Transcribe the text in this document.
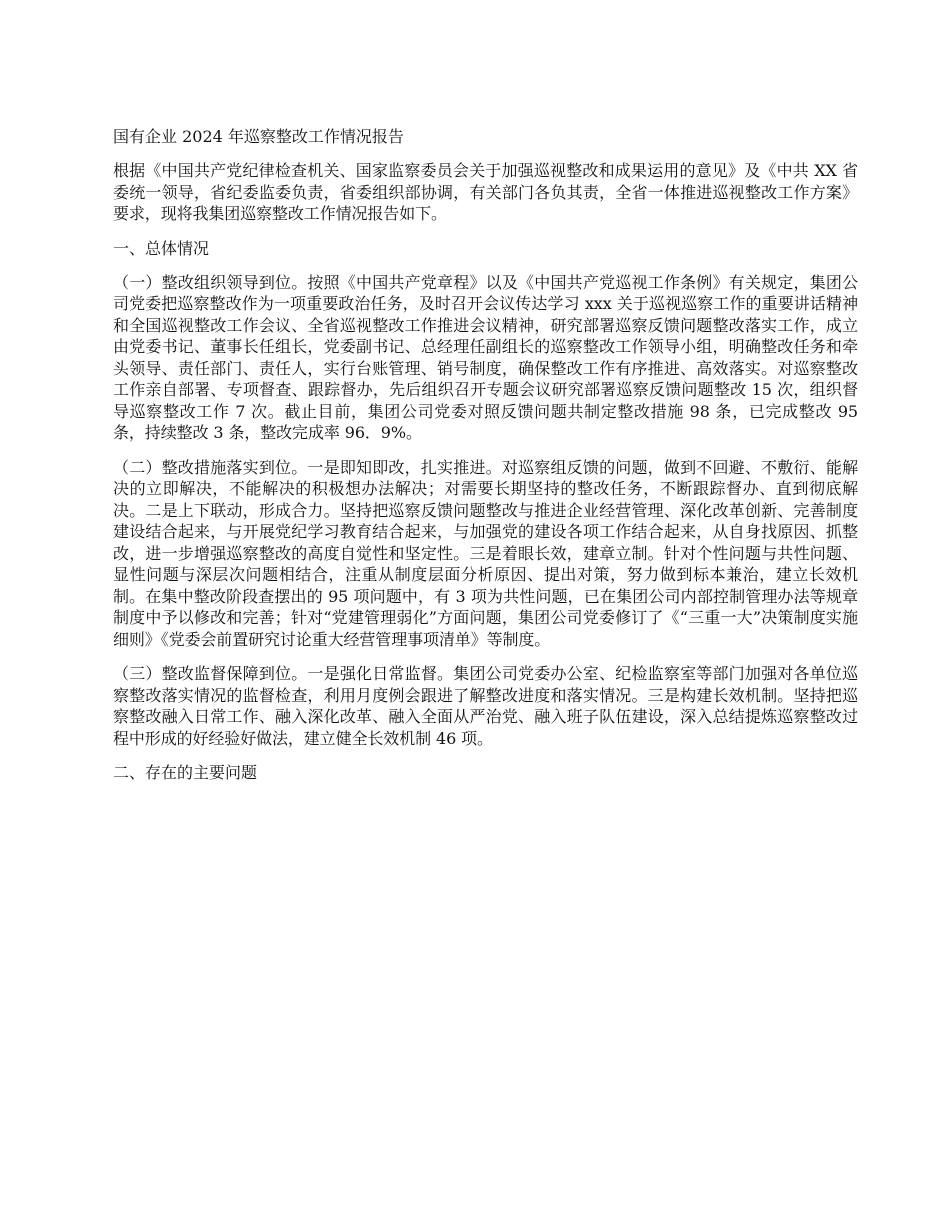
国有企业 2024 年巡察整改工作情况报告

根据《中国共产党纪律检查机关、国家监察委员会关于加强巡视整改和成果运用的意见》及《中共 XX 省委统一领导，省纪委监委负责，省委组织部协调，有关部门各负其责，全省一体推进巡视整改工作方案》要求，现将我集团巡察整改工作情况报告如下。

一、总体情况

（一）整改组织领导到位。按照《中国共产党章程》以及《中国共产党巡视工作条例》有关规定，集团公司党委把巡察整改作为一项重要政治任务，及时召开会议传达学习 xxx 关于巡视巡察工作的重要讲话精神和全国巡视整改工作会议、全省巡视整改工作推进会议精神，研究部署巡察反馈问题整改落实工作，成立由党委书记、董事长任组长，党委副书记、总经理任副组长的巡察整改工作领导小组，明确整改任务和牵头领导、责任部门、责任人，实行台账管理、销号制度，确保整改工作有序推进、高效落实。对巡察整改工作亲自部署、专项督查、跟踪督办，先后组织召开专题会议研究部署巡察反馈问题整改 15 次，组织督导巡察整改工作 7 次。截止目前，集团公司党委对照反馈问题共制定整改措施 98 条，已完成整改 95 条，持续整改 3 条，整改完成率 96．9%。

（二）整改措施落实到位。一是即知即改，扎实推进。对巡察组反馈的问题，做到不回避、不敷衍、能解决的立即解决，不能解决的积极想办法解决；对需要长期坚持的整改任务，不断跟踪督办、直到彻底解决。二是上下联动，形成合力。坚持把巡察反馈问题整改与推进企业经营管理、深化改革创新、完善制度建设结合起来，与开展党纪学习教育结合起来，与加强党的建设各项工作结合起来，从自身找原因、抓整改，进一步增强巡察整改的高度自觉性和坚定性。三是着眼长效，建章立制。针对个性问题与共性问题、显性问题与深层次问题相结合，注重从制度层面分析原因、提出对策，努力做到标本兼治，建立长效机制。在集中整改阶段查摆出的 95 项问题中，有 3 项为共性问题，已在集团公司内部控制管理办法等规章制度中予以修改和完善；针对“党建管理弱化”方面问题，集团公司党委修订了《“三重一大”决策制度实施细则》《党委会前置研究讨论重大经营管理事项清单》等制度。

（三）整改监督保障到位。一是强化日常监督。集团公司党委办公室、纪检监察室等部门加强对各单位巡察整改落实情况的监督检查，利用月度例会跟进了解整改进度和落实情况。三是构建长效机制。坚持把巡察整改融入日常工作、融入深化改革、融入全面从严治党、融入班子队伍建设，深入总结提炼巡察整改过程中形成的好经验好做法，建立健全长效机制 46 项。

二、存在的主要问题
